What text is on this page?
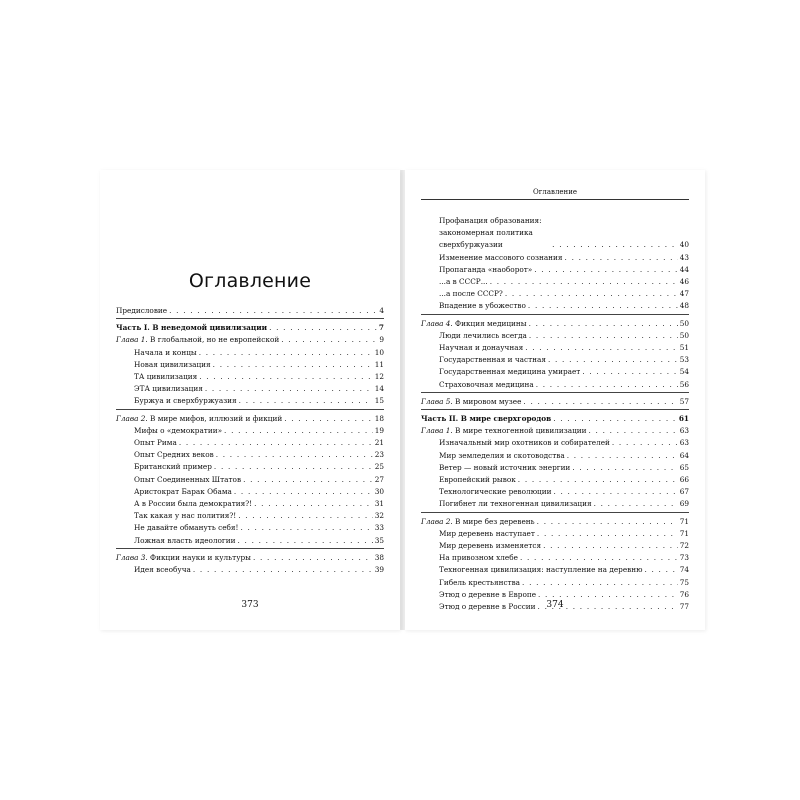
Оглавление
Предисловие . . .	4
Часть I. В неведомой цивилизации . . .	7
Глава 1. В глобальной, но не европейской . . .	9
Начала и концы . . .	10
Новая цивилизация . . .	11
ТА цивилизация . . .	12
ЭТА цивилизация . . .	14
Буржуа и сверхбуржуазия . . .	15
Глава 2. В мире мифов, иллюзий и фикций . . .	18
Мифы о «демократии» . . .	19
Опыт Рима . . .	21
Опыт Средних веков . . .	23
Британский пример . . .	25
Опыт Соединенных Штатов . . .	27
Аристократ Барак Обама . . .	30
А в России была демократия?! . . .	31
Так какая у нас полития?! . . .	32
Не давайте обмануть себя! . . .	33
Ложная власть идеологии . . .	35
Глава 3. Фикции науки и культуры . . .	38
Идея всеобуча . . .	39
373
Оглавление
Профанация образования: закономерная политика сверхбуржуазии . . .	40
Изменение массового сознания . . .	43
Пропаганда «наоборот» . . .	44
...а в СССР... . . .	46
...а после СССР? . . .	47
Впадение в убожество . . .	48
Глава 4. Фикция медицины . . .	50
Люди лечились всегда . . .	50
Научная и донаучная . . .	51
Государственная и частная . . .	53
Государственная медицина умирает . . .	54
Страховочная медицина . . .	56
Глава 5. В мировом музее . . .	57
Часть II. В мире сверхгородов . . .	61
Глава 1. В мире техногенной цивилизации . . .	63
Изначальный мир охотников и собирателей . . .	63
Мир земледелия и скотоводства . . .	64
Ветер — новый источник энергии . . .	65
Европейский рывок . . .	66
Технологические революции . . .	67
Погибнет ли техногенная цивилизация . . .	69
Глава 2. В мире без деревень . . .	71
Мир деревень наступает . . .	71
Мир деревень изменяется . . .	72
На привозном хлебе . . .	73
Техногенная цивилизация: наступление на деревню . . .	74
Гибель крестьянства . . .	75
Этюд о деревне в Европе . . .	76
Этюд о деревне в России . . .	77
374
